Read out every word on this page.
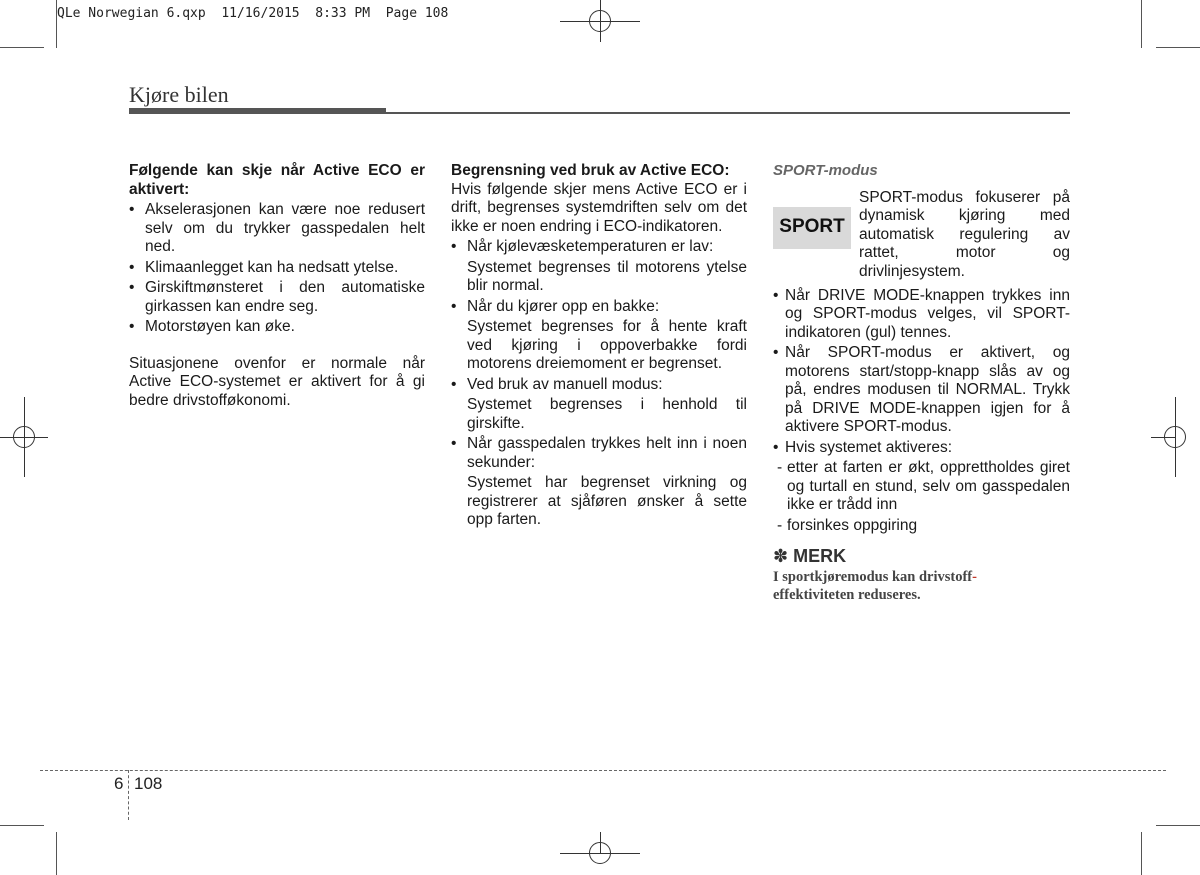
QLe Norwegian 6.qxp  11/16/2015  8:33 PM  Page 108
Kjøre bilen

Følgende kan skje når Active ECO er aktivert:

• Akselerasjonen kan være noe redusert selv om du trykker gasspedalen helt ned.
• Klimaanlegget kan ha nedsatt ytelse.
• Girskiftmønsteret i den automatiske girkassen kan endre seg.
• Motorstøyen kan øke.

Situasjonene ovenfor er normale når Active ECO-systemet er aktivert for å gi bedre drivstofføkonomi.

Begrensning ved bruk av Active ECO:

Hvis følgende skjer mens Active ECO er i drift, begrenses systemdriften selv om det ikke er noen endring i ECO-indikatoren.

• Når kjølevæsketemperaturen er lav:
Systemet begrenses til motorens ytelse blir normal.
• Når du kjører opp en bakke:
Systemet begrenses for å hente kraft ved kjøring i oppoverbakke fordi motorens dreiemoment er begrenset.
• Ved bruk av manuell modus:
Systemet begrenses i henhold til girskifte.
• Når gasspedalen trykkes helt inn i noen sekunder:
Systemet har begrenset virkning og registrerer at sjåføren ønsker å sette opp farten.

SPORT-modus

SPORT
SPORT-modus fokuserer på dynamisk kjøring med automatisk regulering av rattet, motor og drivlinjesystem.
• Når DRIVE MODE-knappen trykkes inn og SPORT-modus velges, vil SPORT-indikatoren (gul) tennes.
• Når SPORT-modus er aktivert, og motorens start/stopp-knapp slås av og på, endres modusen til NORMAL. Trykk på DRIVE MODE-knappen igjen for å aktivere SPORT-modus.
• Hvis systemet aktiveres:
- etter at farten er økt, opprettholdes giret og turtall en stund, selv om gasspedalen ikke er trådd inn
- forsinkes oppgiring
✽ MERK
I sportkjøremodus kan drivstoff-
effektiviteten reduseres.
6 108
